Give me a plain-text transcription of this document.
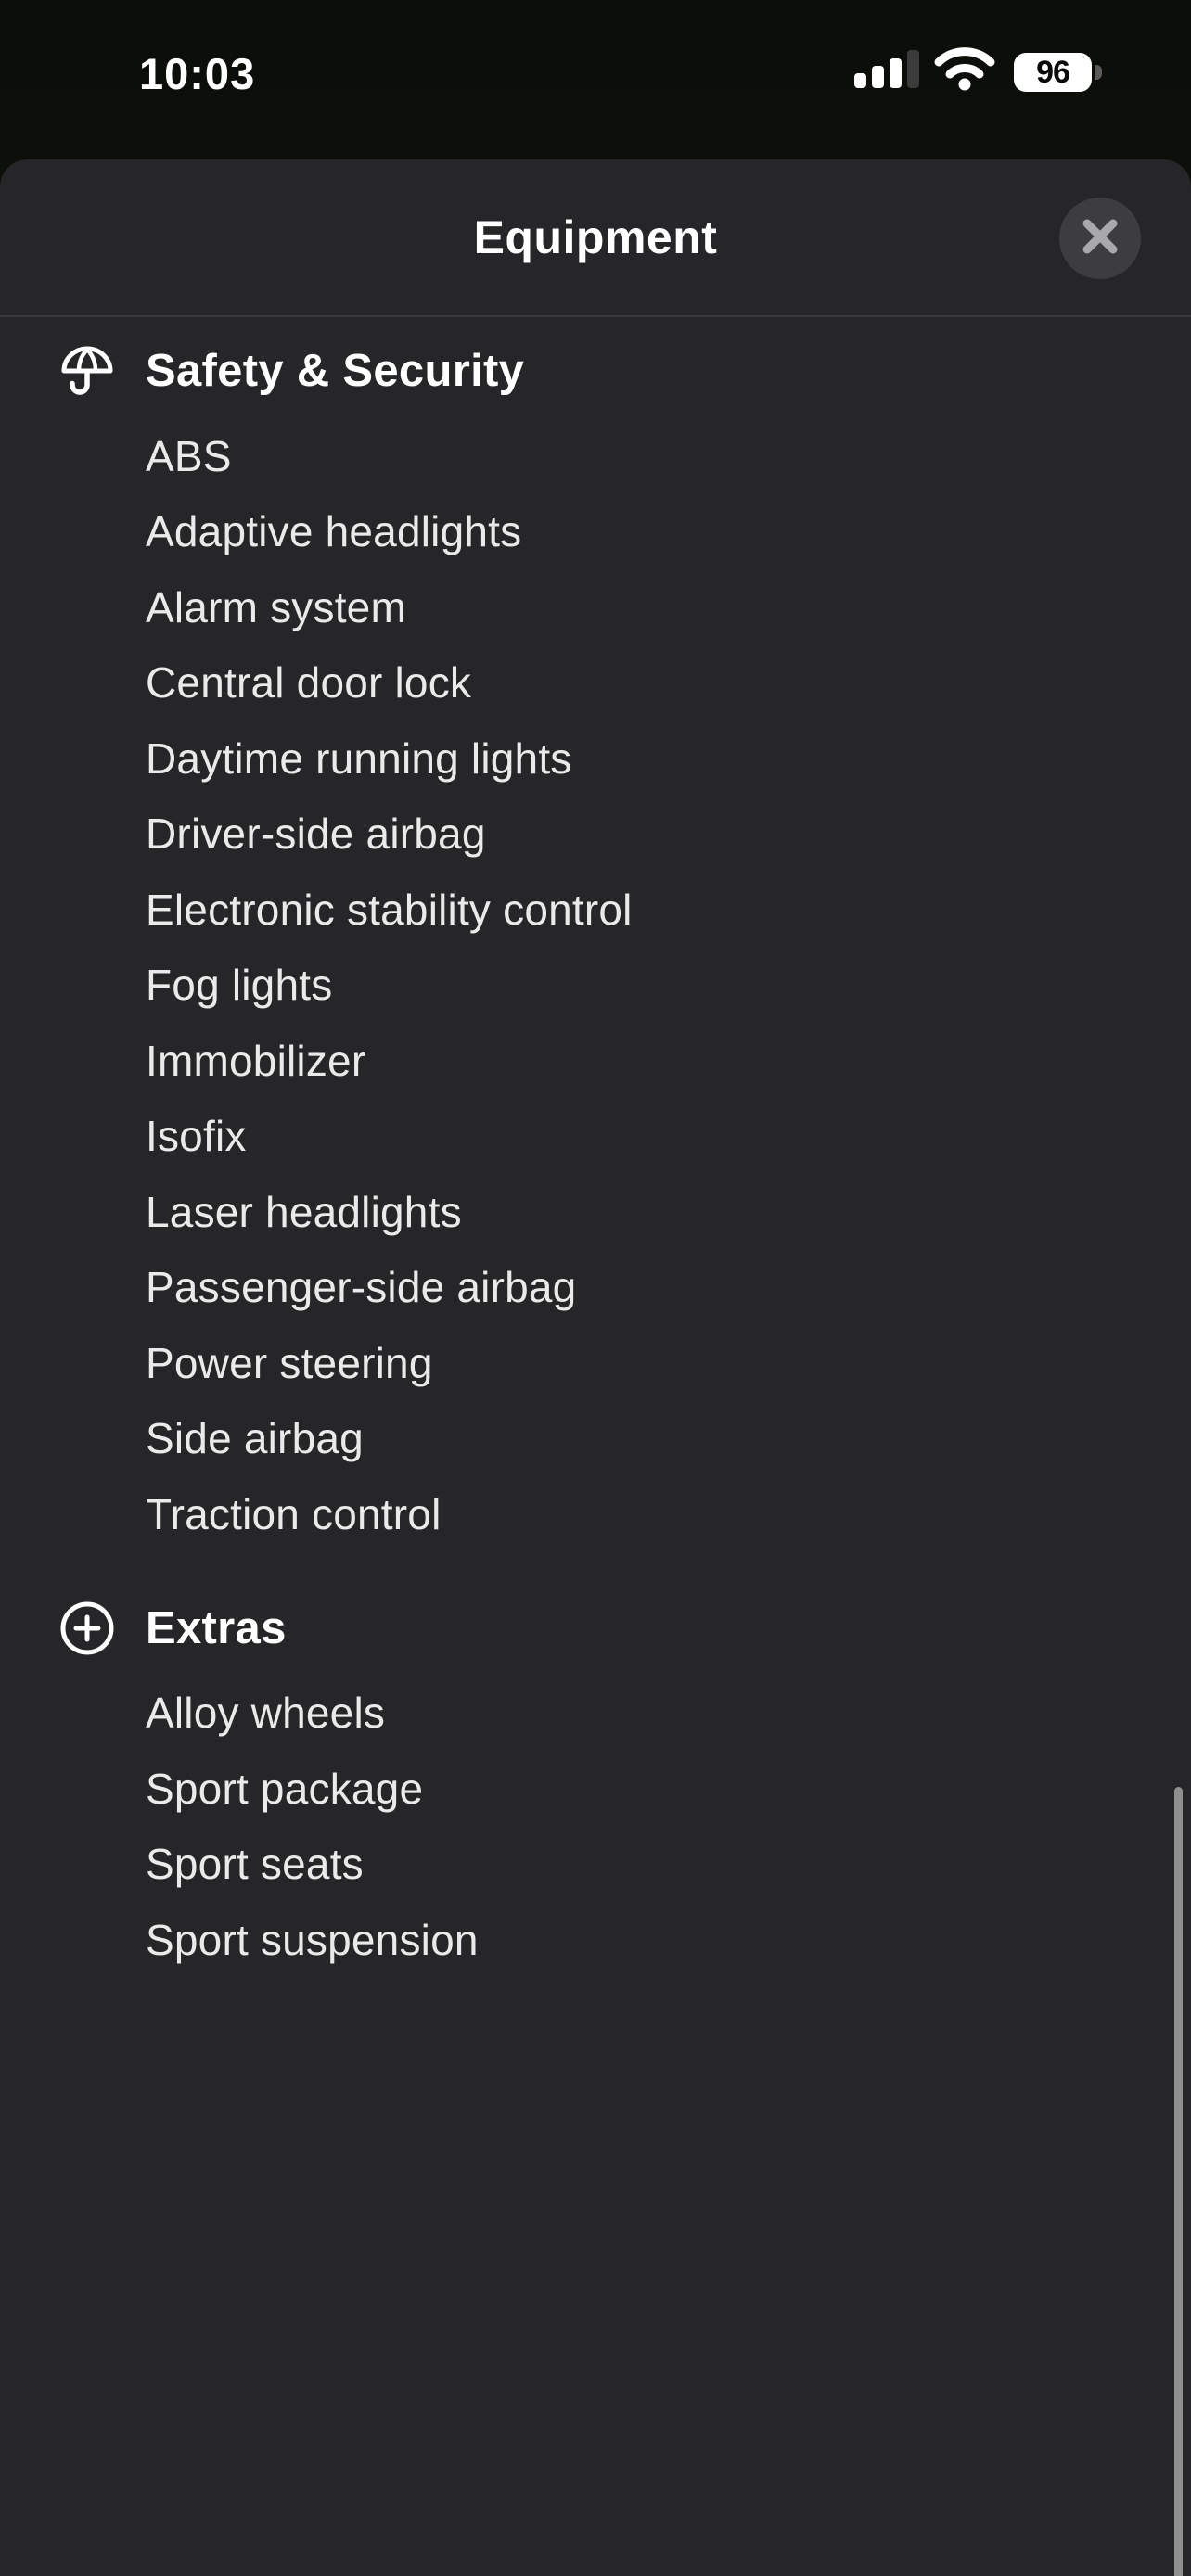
10:03	96
Equipment
Safety & Security
ABS
Adaptive headlights
Alarm system
Central door lock
Daytime running lights
Driver-side airbag
Electronic stability control
Fog lights
Immobilizer
Isofix
Laser headlights
Passenger-side airbag
Power steering
Side airbag
Traction control
Extras
Alloy wheels
Sport package
Sport seats
Sport suspension
